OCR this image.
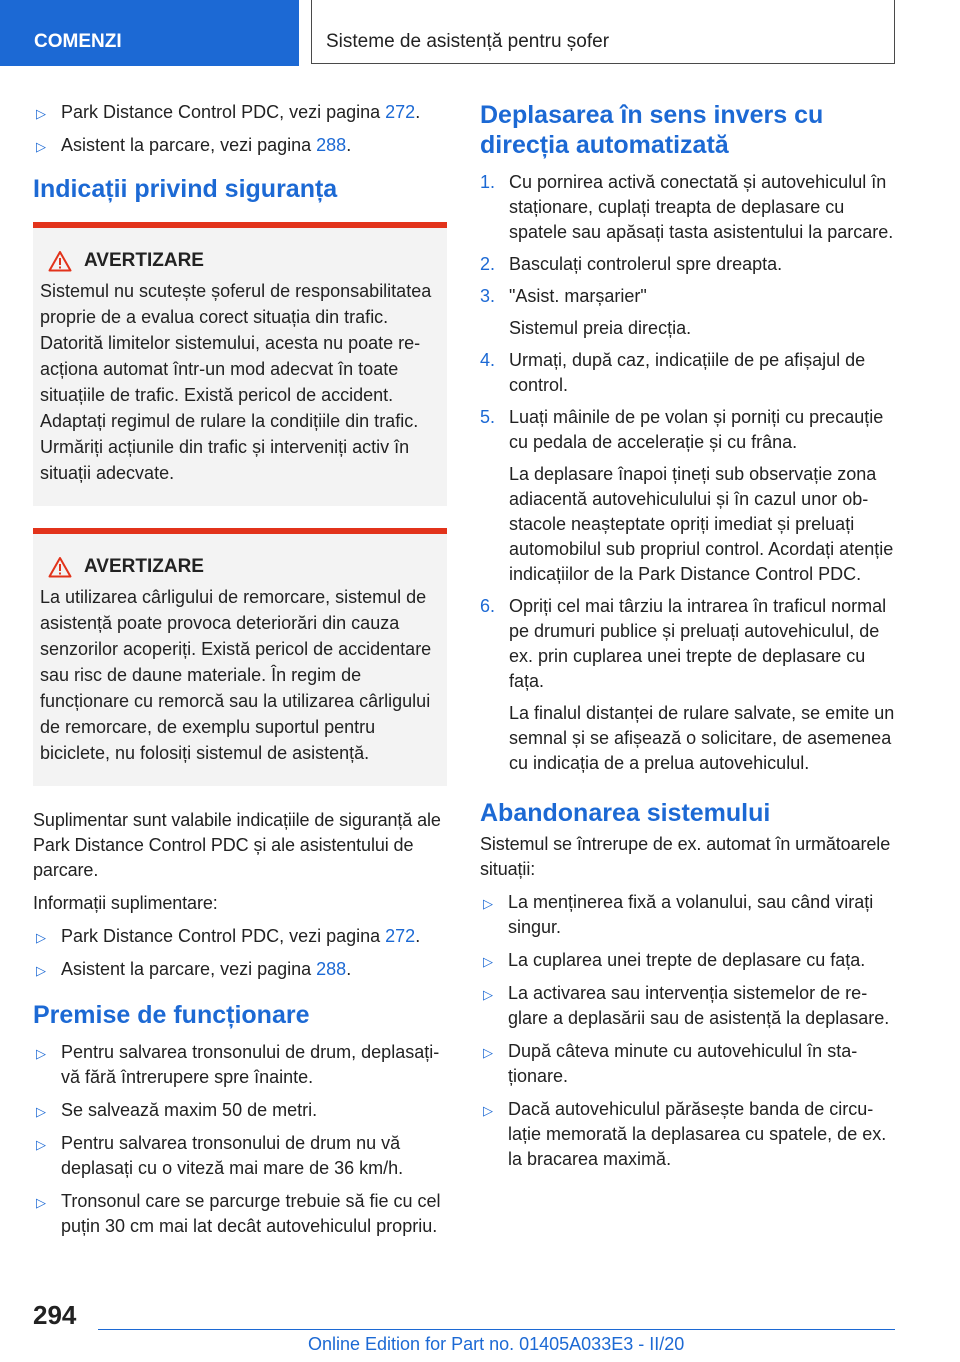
COMENZI	Sisteme de asistență pentru șofer
▷ Park Distance Control PDC, vezi pagina 272.
▷ Asistent la parcare, vezi pagina 288.
Indicații privind siguranța
AVERTIZARE
Sistemul nu scutește șoferul de responsabilitatea proprie de a evalua corect situația din trafic. Datorită limitelor sistemului, acesta nu poate reacționa automat într-un mod adecvat în toate situațiile de trafic. Există pericol de accident. Adaptați regimul de rulare la condițiile din trafic. Urmăriți acțiunile din trafic și interveniți activ în situații adecvate.
AVERTIZARE
La utilizarea cârligului de remorcare, sistemul de asistență poate provoca deteriorări din cauza senzorilor acoperiți. Există pericol de accidentare sau risc de daune materiale. În regim de funcționare cu remorcă sau la utilizarea cârligului de remorcare, de exemplu suportul pentru biciclete, nu folosiți sistemul de asistență.

Suplimentar sunt valabile indicațiile de siguranță ale Park Distance Control PDC și ale asistentului de parcare.

Informații suplimentare:

▷ Park Distance Control PDC, vezi pagina 272.
▷ Asistent la parcare, vezi pagina 288.
Premise de funcționare
▷ Pentru salvarea tronsonului de drum, deplasați-vă fără întrerupere spre înainte.
▷ Se salvează maxim 50 de metri.
▷ Pentru salvarea tronsonului de drum nu vă deplasați cu o viteză mai mare de 36 km/h.
▷ Tronsonul care se parcurge trebuie să fie cu cel puțin 30 cm mai lat decât autovehiculul propriu.
Deplasarea în sens invers cu direcția automatizată
1. Cu pornirea activă conectată și autovehiculul în staționare, cuplați treapta de deplasare cu spatele sau apăsați tasta asistentului la parcare.
2. Basculați controlerul spre dreapta.
3. "Asist. marșarier"
Sistemul preia direcția.
4. Urmați, după caz, indicațiile de pe afișajul de control.
5. Luați mâinile de pe volan și porniți cu precauție cu pedala de accelerație și cu frâna.
La deplasare înapoi țineți sub observație zona adiacentă autovehiculului și în cazul unor obstacole neașteptate opriți imediat și preluați automobilul sub propriul control. Acordați atenție indicațiilor de la Park Distance Control PDC.
6. Opriți cel mai târziu la intrarea în traficul normal pe drumuri publice și preluați autovehiculul, de ex. prin cuplarea unei trepte de deplasare cu fața.
La finalul distanței de rulare salvate, se emite un semnal și se afișează o solicitare, de asemenea cu indicația de a prelua autovehiculul.
Abandonarea sistemului

Sistemul se întrerupe de ex. automat în următoarele situații:

▷ La menținerea fixă a volanului, sau când virați singur.
▷ La cuplarea unei trepte de deplasare cu fața.
▷ La activarea sau intervenția sistemelor de reglare a deplasării sau de asistență la deplasare.
▷ După câteva minute cu autovehiculul în staționare.
▷ Dacă autovehiculul părăsește banda de circulație memorată la deplasarea cu spatele, de ex. la bracarea maximă.
294
Online Edition for Part no. 01405A033E3 - II/20
